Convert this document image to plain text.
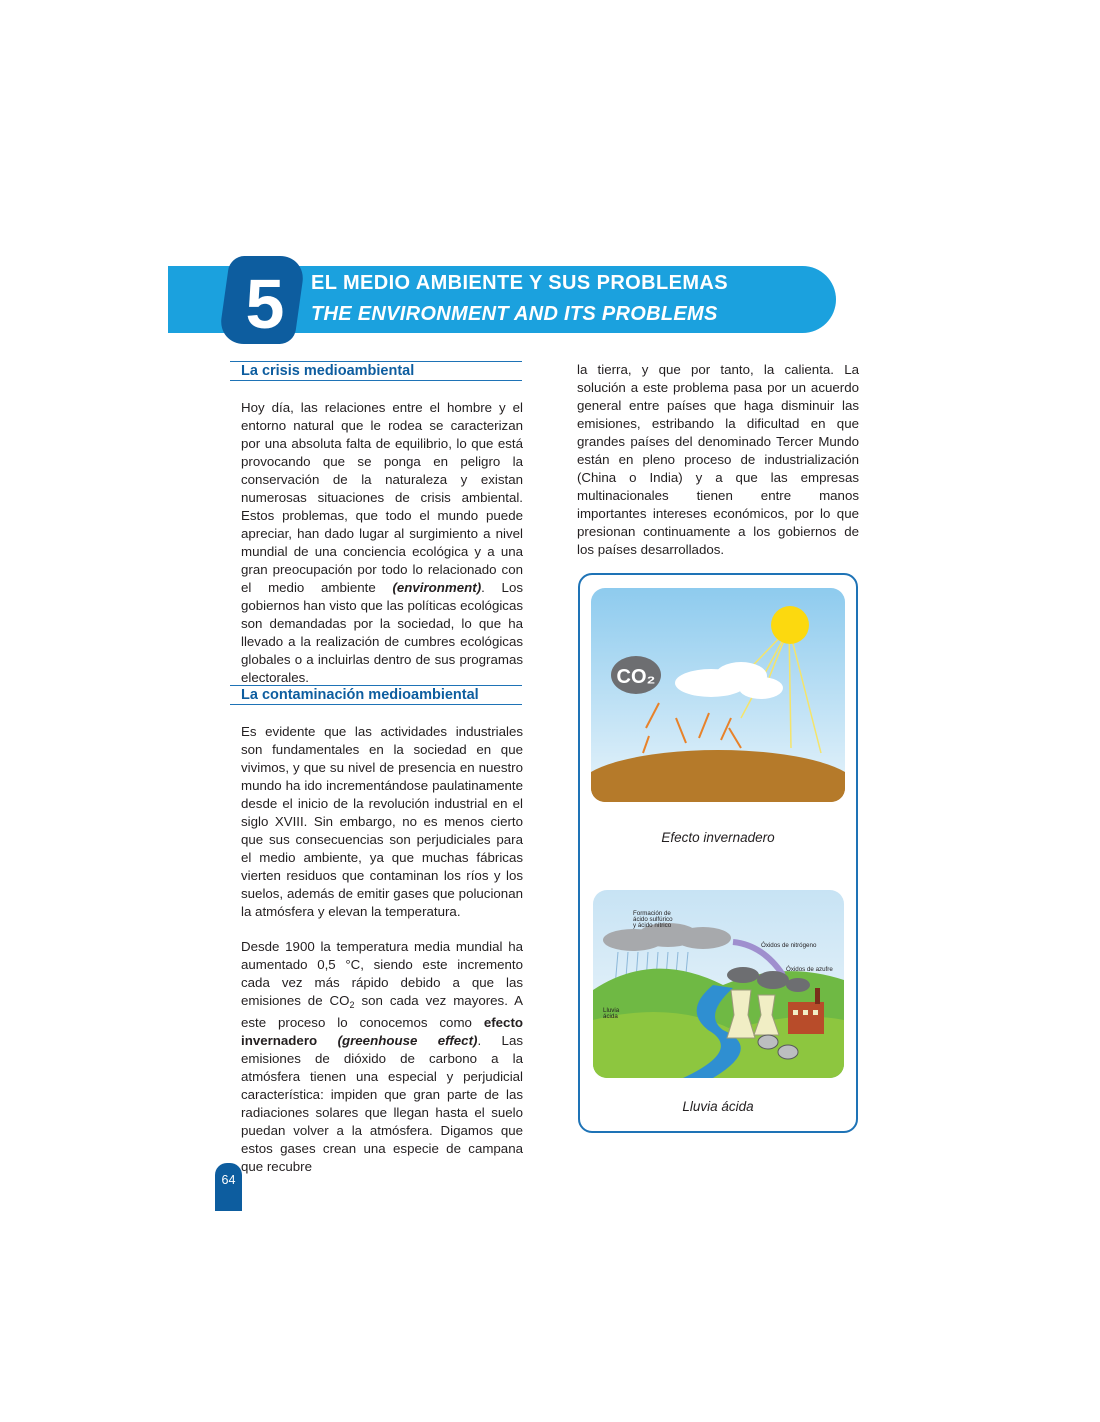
5	EL MEDIO AMBIENTE Y SUS PROBLEMAS
THE ENVIRONMENT AND ITS PROBLEMS
La crisis medioambiental

Hoy día, las relaciones entre el hombre y el entorno natural que le rodea se caracterizan por una absoluta falta de equilibrio, lo que está provocando que se ponga en peligro la conservación de la naturaleza y existan numerosas situaciones de crisis ambiental. Estos problemas, que todo el mundo puede apreciar, han dado lugar al surgimiento a nivel mundial de una conciencia ecológica y a una gran preocupación por todo lo relacionado con el medio ambiente (environment). Los gobiernos han visto que las políticas ecológicas son demandadas por la sociedad, lo que ha llevado a la realización de cumbres ecológicas globales o a incluirlas dentro de sus programas electorales.

La contaminación medioambiental

Es evidente que las actividades industriales son fundamentales en la sociedad en que vivimos, y que su nivel de presencia en nuestro mundo ha ido incrementándose paulatinamente desde el inicio de la revolución industrial en el siglo XVIII. Sin embargo, no es menos cierto que sus consecuencias son perjudiciales para el medio ambiente, ya que muchas fábricas vierten residuos que contaminan los ríos y los suelos, además de emitir gases que polucionan la atmósfera y elevan la temperatura.

Desde 1900 la temperatura media mundial ha aumentado 0,5 °C, siendo este incremento cada vez más rápido debido a que las emisiones de $CO_2$ son cada vez mayores. A este proceso lo conocemos como efecto invernadero (greenhouse effect). Las emisiones de dióxido de carbono a la atmósfera tienen una especial y perjudicial característica: impiden que gran parte de las radiaciones solares que llegan hasta el suelo puedan volver a la atmósfera. Digamos que estos gases crean una especie de campana que recubre

la tierra, y que por tanto, la calienta. La solución a este problema pasa por un acuerdo general entre países que haga disminuir las emisiones, estribando la dificultad en que grandes países del denominado Tercer Mundo están en pleno proceso de industrialización (China o India) y a que las empresas multinacionales tienen entre manos importantes intereses económicos, por lo que presionan continuamente a los gobiernos de los países desarrollados.

CO₂
Efecto invernadero
Formación de
ácido sulfúrico
y ácido nítrico
Óxidos de nitrógeno
Óxidos de azufre
Lluvia
ácida
Lluvia ácida
64
